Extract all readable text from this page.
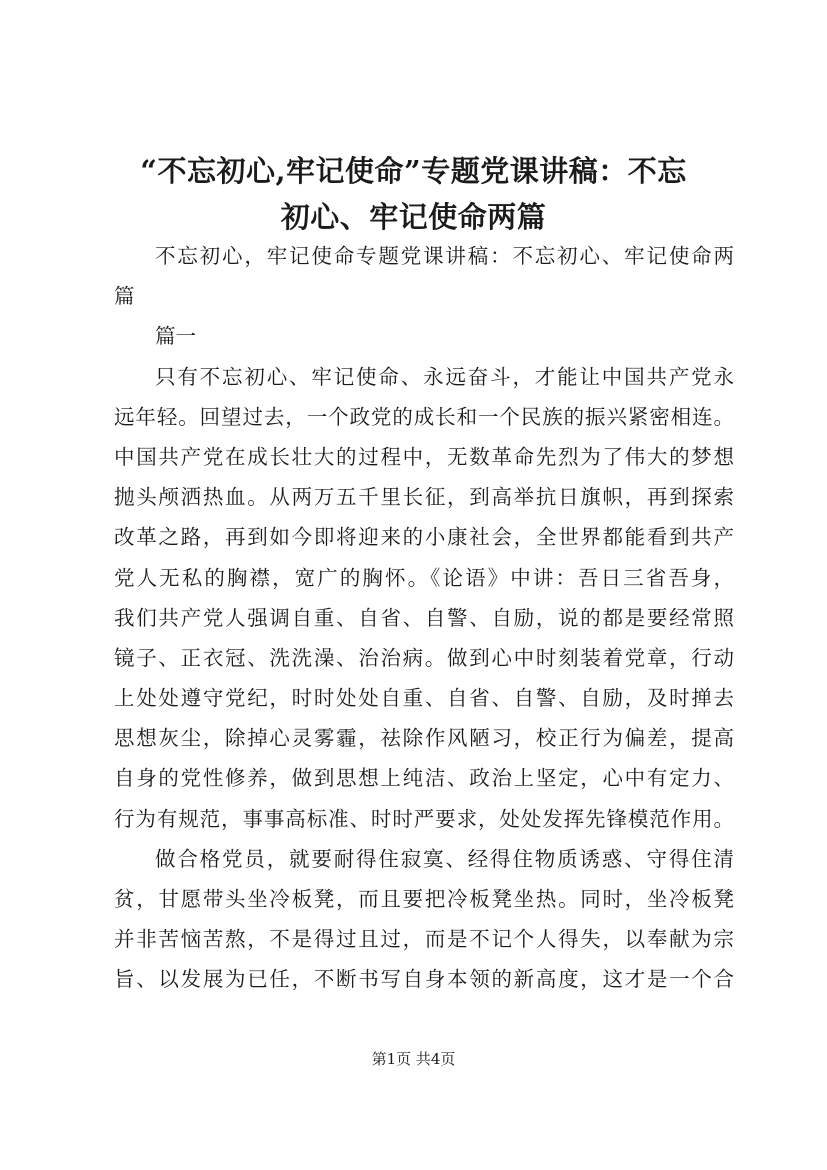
“不忘初心,牢记使命”专题党课讲稿：不忘
初心、牢记使命两篇
不忘初心，牢记使命专题党课讲稿：不忘初心、牢记使命两
篇
篇一
只有不忘初心、牢记使命、永远奋斗，才能让中国共产党永
远年轻。回望过去，一个政党的成长和一个民族的振兴紧密相连。
中国共产党在成长壮大的过程中，无数革命先烈为了伟大的梦想
抛头颅洒热血。从两万五千里长征，到高举抗日旗帜，再到探索
改革之路，再到如今即将迎来的小康社会，全世界都能看到共产
党人无私的胸襟，宽广的胸怀。《论语》中讲：吾日三省吾身，
我们共产党人强调自重、自省、自警、自励，说的都是要经常照
镜子、正衣冠、洗洗澡、治治病。做到心中时刻装着党章，行动
上处处遵守党纪，时时处处自重、自省、自警、自励，及时掸去
思想灰尘，除掉心灵雾霾，祛除作风陋习，校正行为偏差，提高
自身的党性修养，做到思想上纯洁、政治上坚定，心中有定力、
行为有规范，事事高标准、时时严要求，处处发挥先锋模范作用。
做合格党员，就要耐得住寂寞、经得住物质诱惑、守得住清
贫，甘愿带头坐冷板凳，而且要把冷板凳坐热。同时，坐冷板凳
并非苦恼苦熬，不是得过且过，而是不记个人得失，以奉献为宗
旨、以发展为已任，不断书写自身本领的新高度，这才是一个合
第1页 共4页
